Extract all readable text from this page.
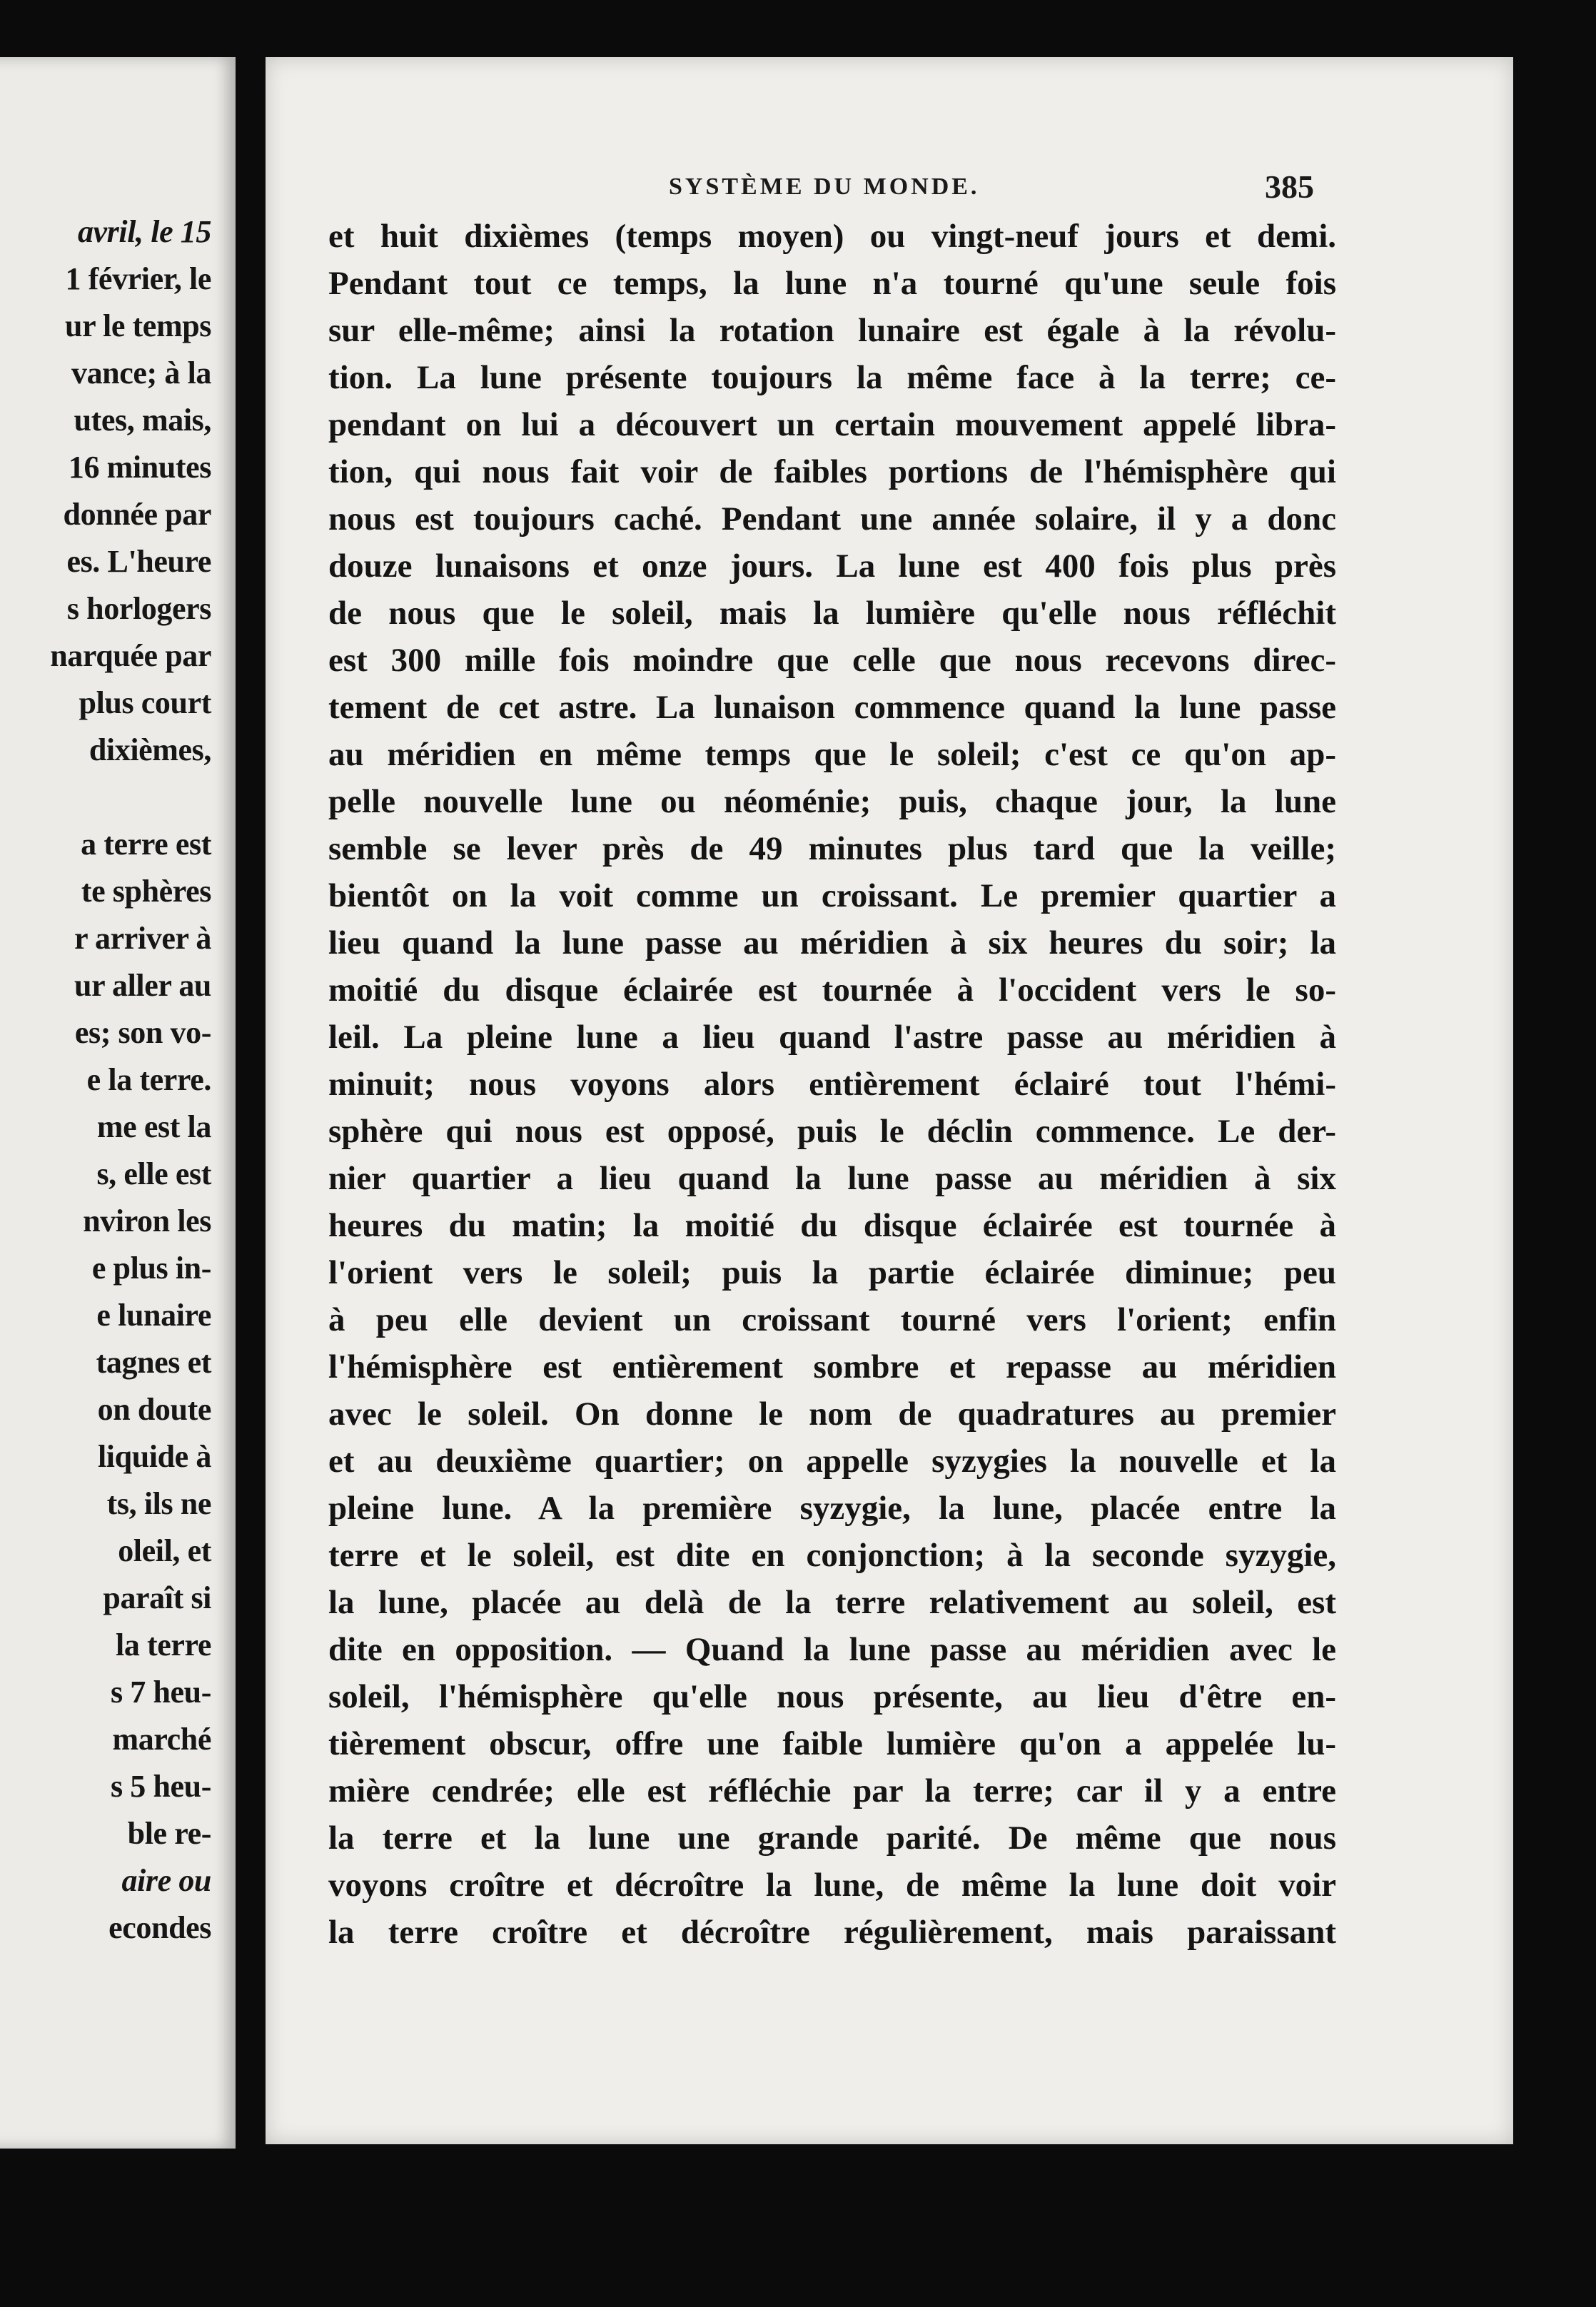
avril, le 15
1 février, le
ur le temps
vance; à la
utes, mais,
16 minutes
donnée par
es. L'heure
s horlogers
narquée par
plus court
dixièmes,
a terre est
te sphères
r arriver à
ur aller au
es; son vo-
e la terre.
me est la
s, elle est
nviron les
e plus in-
e lunaire
tagnes et
on doute
liquide à
ts, ils ne
oleil, et
paraît si
la terre
s 7 heu-
marché
s 5 heu-
ble re-
aire ou
econdes
SYSTÈME DU MONDE.	385
et huit dixièmes (temps moyen) ou vingt-neuf jours et demi.
Pendant tout ce temps, la lune n'a tourné qu'une seule fois
sur elle-même; ainsi la rotation lunaire est égale à la révolu-
tion. La lune présente toujours la même face à la terre; ce-
pendant on lui a découvert un certain mouvement appelé libra-
tion, qui nous fait voir de faibles portions de l'hémisphère qui
nous est toujours caché. Pendant une année solaire, il y a donc
douze lunaisons et onze jours. La lune est 400 fois plus près
de nous que le soleil, mais la lumière qu'elle nous réfléchit
est 300 mille fois moindre que celle que nous recevons direc-
tement de cet astre. La lunaison commence quand la lune passe
au méridien en même temps que le soleil; c'est ce qu'on ap-
pelle nouvelle lune ou néoménie; puis, chaque jour, la lune
semble se lever près de 49 minutes plus tard que la veille;
bientôt on la voit comme un croissant. Le premier quartier a
lieu quand la lune passe au méridien à six heures du soir; la
moitié du disque éclairée est tournée à l'occident vers le so-
leil. La pleine lune a lieu quand l'astre passe au méridien à
minuit; nous voyons alors entièrement éclairé tout l'hémi-
sphère qui nous est opposé, puis le déclin commence. Le der-
nier quartier a lieu quand la lune passe au méridien à six
heures du matin; la moitié du disque éclairée est tournée à
l'orient vers le soleil; puis la partie éclairée diminue; peu
à peu elle devient un croissant tourné vers l'orient; enfin
l'hémisphère est entièrement sombre et repasse au méridien
avec le soleil. On donne le nom de quadratures au premier
et au deuxième quartier; on appelle syzygies la nouvelle et la
pleine lune. A la première syzygie, la lune, placée entre la
terre et le soleil, est dite en conjonction; à la seconde syzygie,
la lune, placée au delà de la terre relativement au soleil, est
dite en opposition. — Quand la lune passe au méridien avec le
soleil, l'hémisphère qu'elle nous présente, au lieu d'être en-
tièrement obscur, offre une faible lumière qu'on a appelée lu-
mière cendrée; elle est réfléchie par la terre; car il y a entre
la terre et la lune une grande parité. De même que nous
voyons croître et décroître la lune, de même la lune doit voir
la terre croître et décroître régulièrement, mais paraissant
